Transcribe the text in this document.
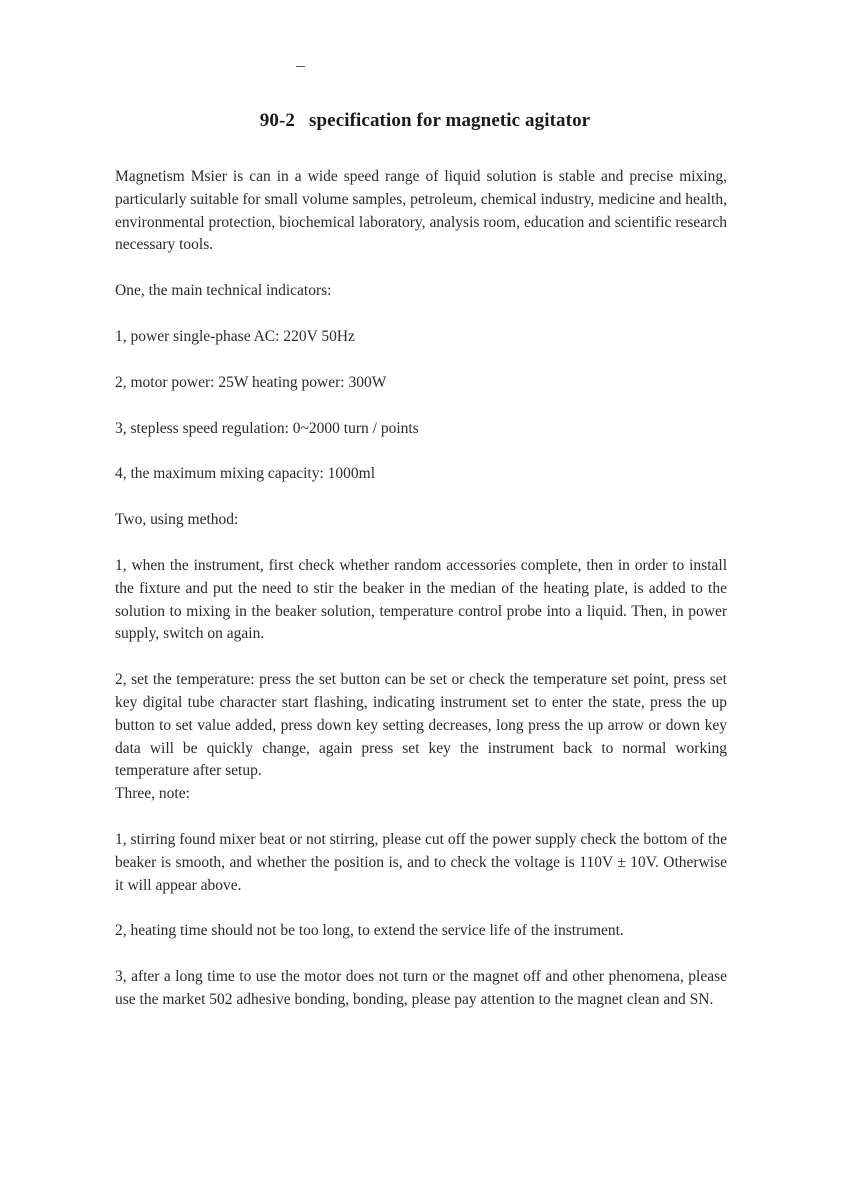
90-2 specification for magnetic agitator

Magnetism Msier is can in a wide speed range of liquid solution is stable and precise mixing, particularly suitable for small volume samples, petroleum, chemical industry, medicine and health, environmental protection, biochemical laboratory, analysis room, education and scientific research necessary tools.

One, the main technical indicators:

1, power single-phase AC: 220V 50Hz

2, motor power: 25W heating power: 300W

3, stepless speed regulation: 0~2000 turn / points

4, the maximum mixing capacity: 1000ml

Two, using method:

1, when the instrument, first check whether random accessories complete, then in order to install the fixture and put the need to stir the beaker in the median of the heating plate, is added to the solution to mixing in the beaker solution, temperature control probe into a liquid. Then, in power supply, switch on again.

2, set the temperature: press the set button can be set or check the temperature set point, press set key digital tube character start flashing, indicating instrument set to enter the state, press the up button to set value added, press down key setting decreases, long press the up arrow or down key data will be quickly change, again press set key the instrument back to normal working temperature after setup.

Three, note:

1, stirring found mixer beat or not stirring, please cut off the power supply check the bottom of the beaker is smooth, and whether the position is, and to check the voltage is 110V ± 10V. Otherwise it will appear above.

2, heating time should not be too long, to extend the service life of the instrument.

3, after a long time to use the motor does not turn or the magnet off and other phenomena, please use the market 502 adhesive bonding, bonding, please pay attention to the magnet clean and SN.
